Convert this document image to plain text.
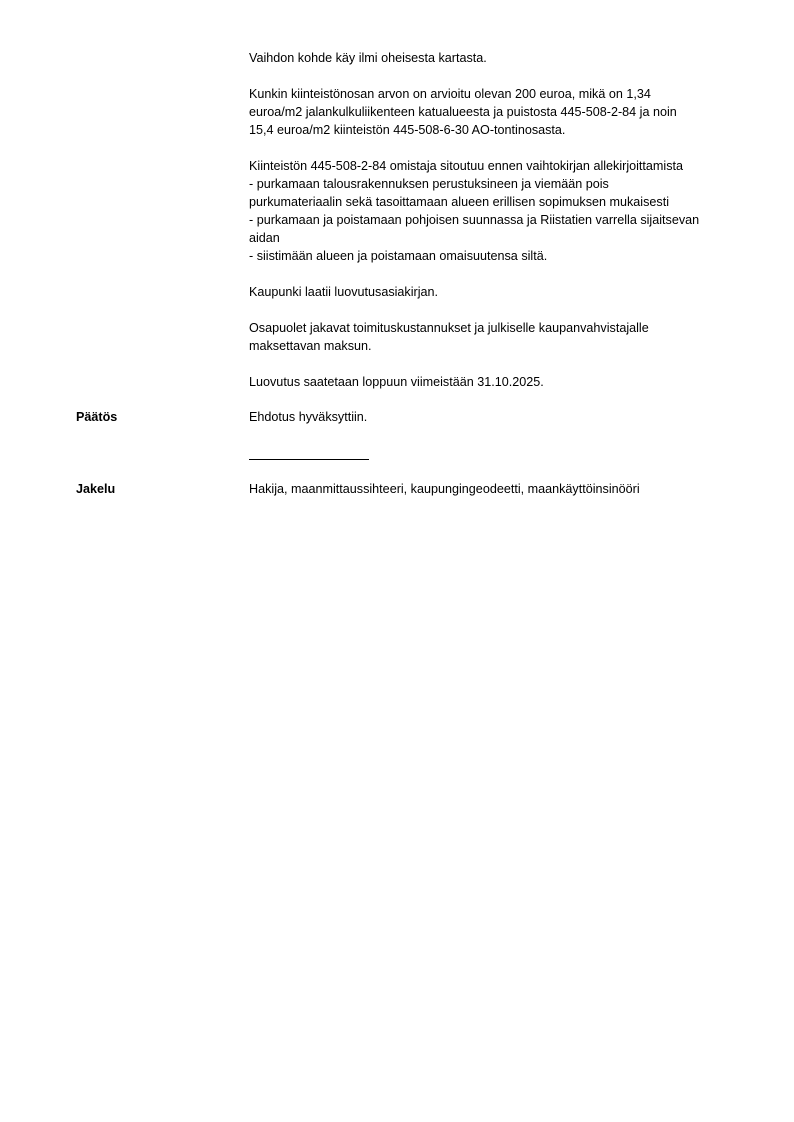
Vaihdon kohde käy ilmi oheisesta kartasta.

Kunkin kiinteistönosan arvon on arvioitu olevan 200 euroa, mikä on 1,34
euroa/m2 jalankulkuliikenteen katualueesta ja puistosta 445-508-2-84 ja noin
15,4 euroa/m2 kiinteistön 445-508-6-30 AO-tontinosasta.

Kiinteistön 445-508-2-84 omistaja sitoutuu ennen vaihtokirjan allekirjoittamista
- purkamaan talousrakennuksen perustuksineen ja viemään pois
purkumateriaalin sekä tasoittamaan alueen erillisen sopimuksen mukaisesti
- purkamaan ja poistamaan pohjoisen suunnassa ja Riistatien varrella sijaitsevan
aidan
- siistimään alueen ja poistamaan omaisuutensa siltä.

Kaupunki laatii luovutusasiakirjan.

Osapuolet jakavat toimituskustannukset ja julkiselle kaupanvahvistajalle
maksettavan maksun.

Luovutus saatetaan loppuun viimeistään 31.10.2025.

Päätös	Ehdotus hyväksyttiin.
Jakelu	Hakija, maanmittaussihteeri, kaupungingeodeetti, maankäyttöinsinööri
